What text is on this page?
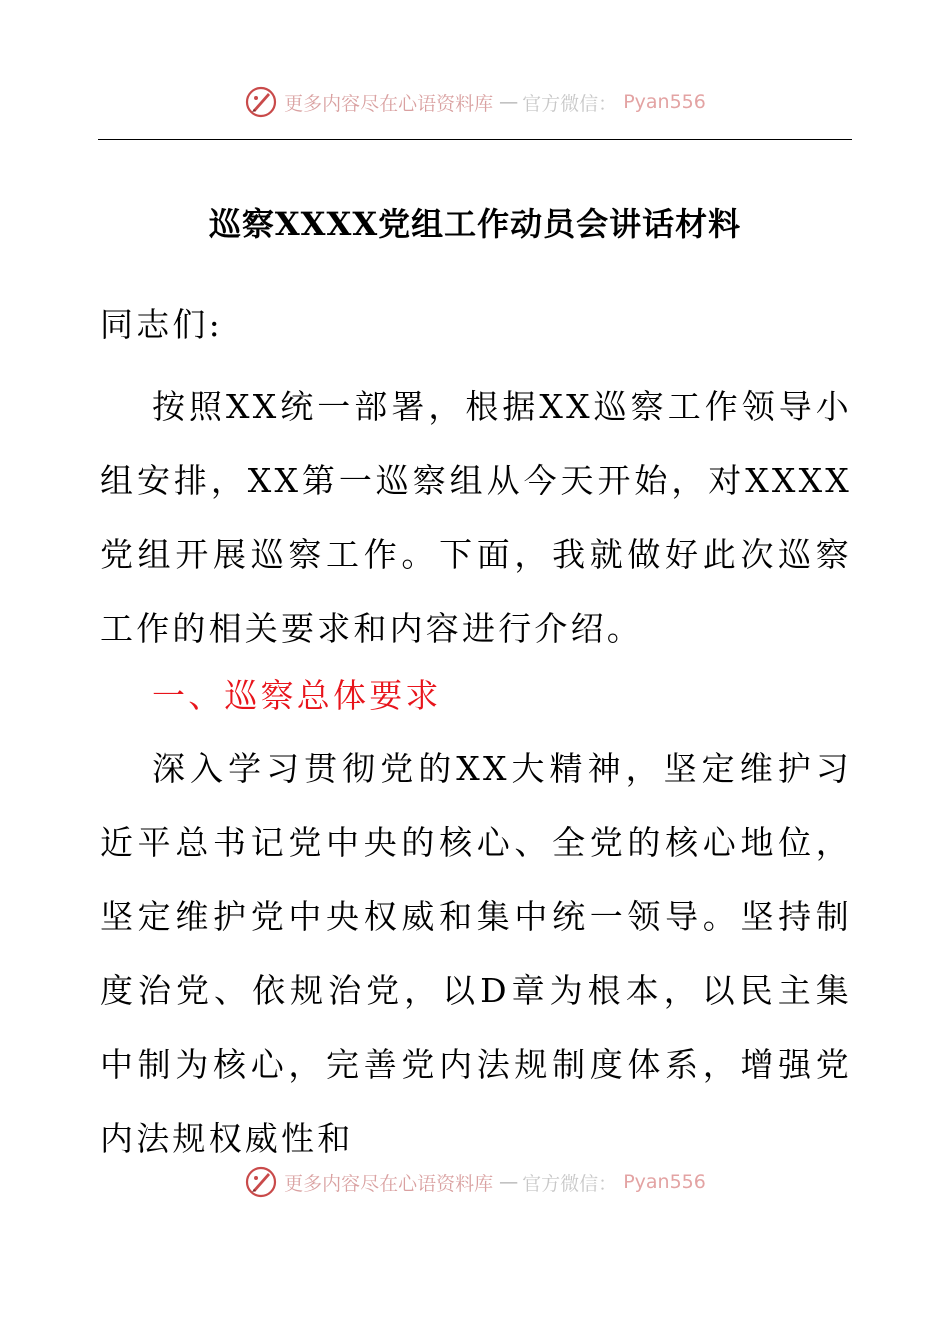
更多内容尽在心语资料库 — 官方微信： Pyan556
巡察XXXX党组工作动员会讲话材料

同志们:

按照XX统一部署，根据XX巡察工作领导小组安排，XX第一巡察组从今天开始，对XXXX党组开展巡察工作。下面，我就做好此次巡察工作的相关要求和内容进行介绍。

一、巡察总体要求

深入学习贯彻党的XX大精神，坚定维护习近平总书记党中央的核心、全党的核心地位，坚定维护党中央权威和集中统一领导。坚持制度治党、依规治党，以D章为根本，以民主集中制为核心，完善党内法规制度体系，增强党内法规权威性和

更多内容尽在心语资料库 — 官方微信： Pyan556
